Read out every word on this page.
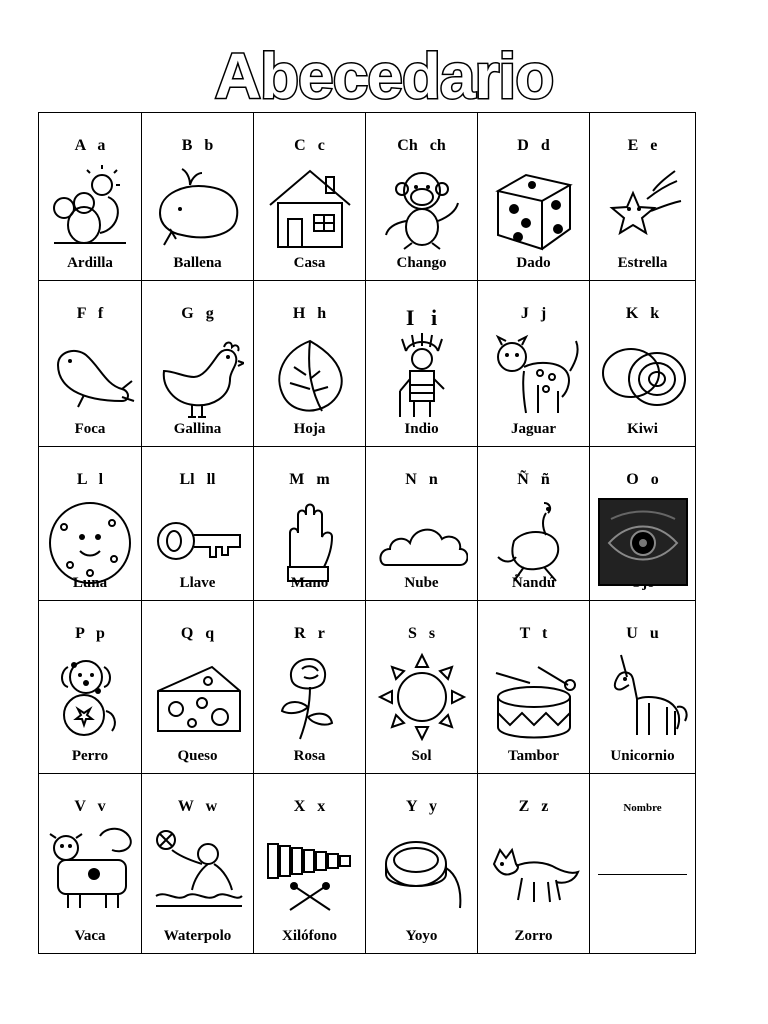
Abecedario
A   a
Ardilla
B   b
Ballena
C   c
Casa
Ch   ch
Chango
D   d
Dado
E   e
Estrella
F   f
Foca
G   g
Gallina
H   h
Hoja
I   i
Indio
J   j
Jaguar
K   k
Kiwi
L   l
Luna
Ll   ll
Llave
M   m
Mano
N   n
Nube
Ñ   ñ
Ñandú
O   o
P   p
Perro
Q   q
Queso
R   r
Rosa
S   s
Sol
T   t
Tambor
U   u
Unicornio
V   v
Vaca
W   w
Waterpolo
X   x
Xilófono
Y   y
Yoyo
Z   z
Zorro
Nombre
